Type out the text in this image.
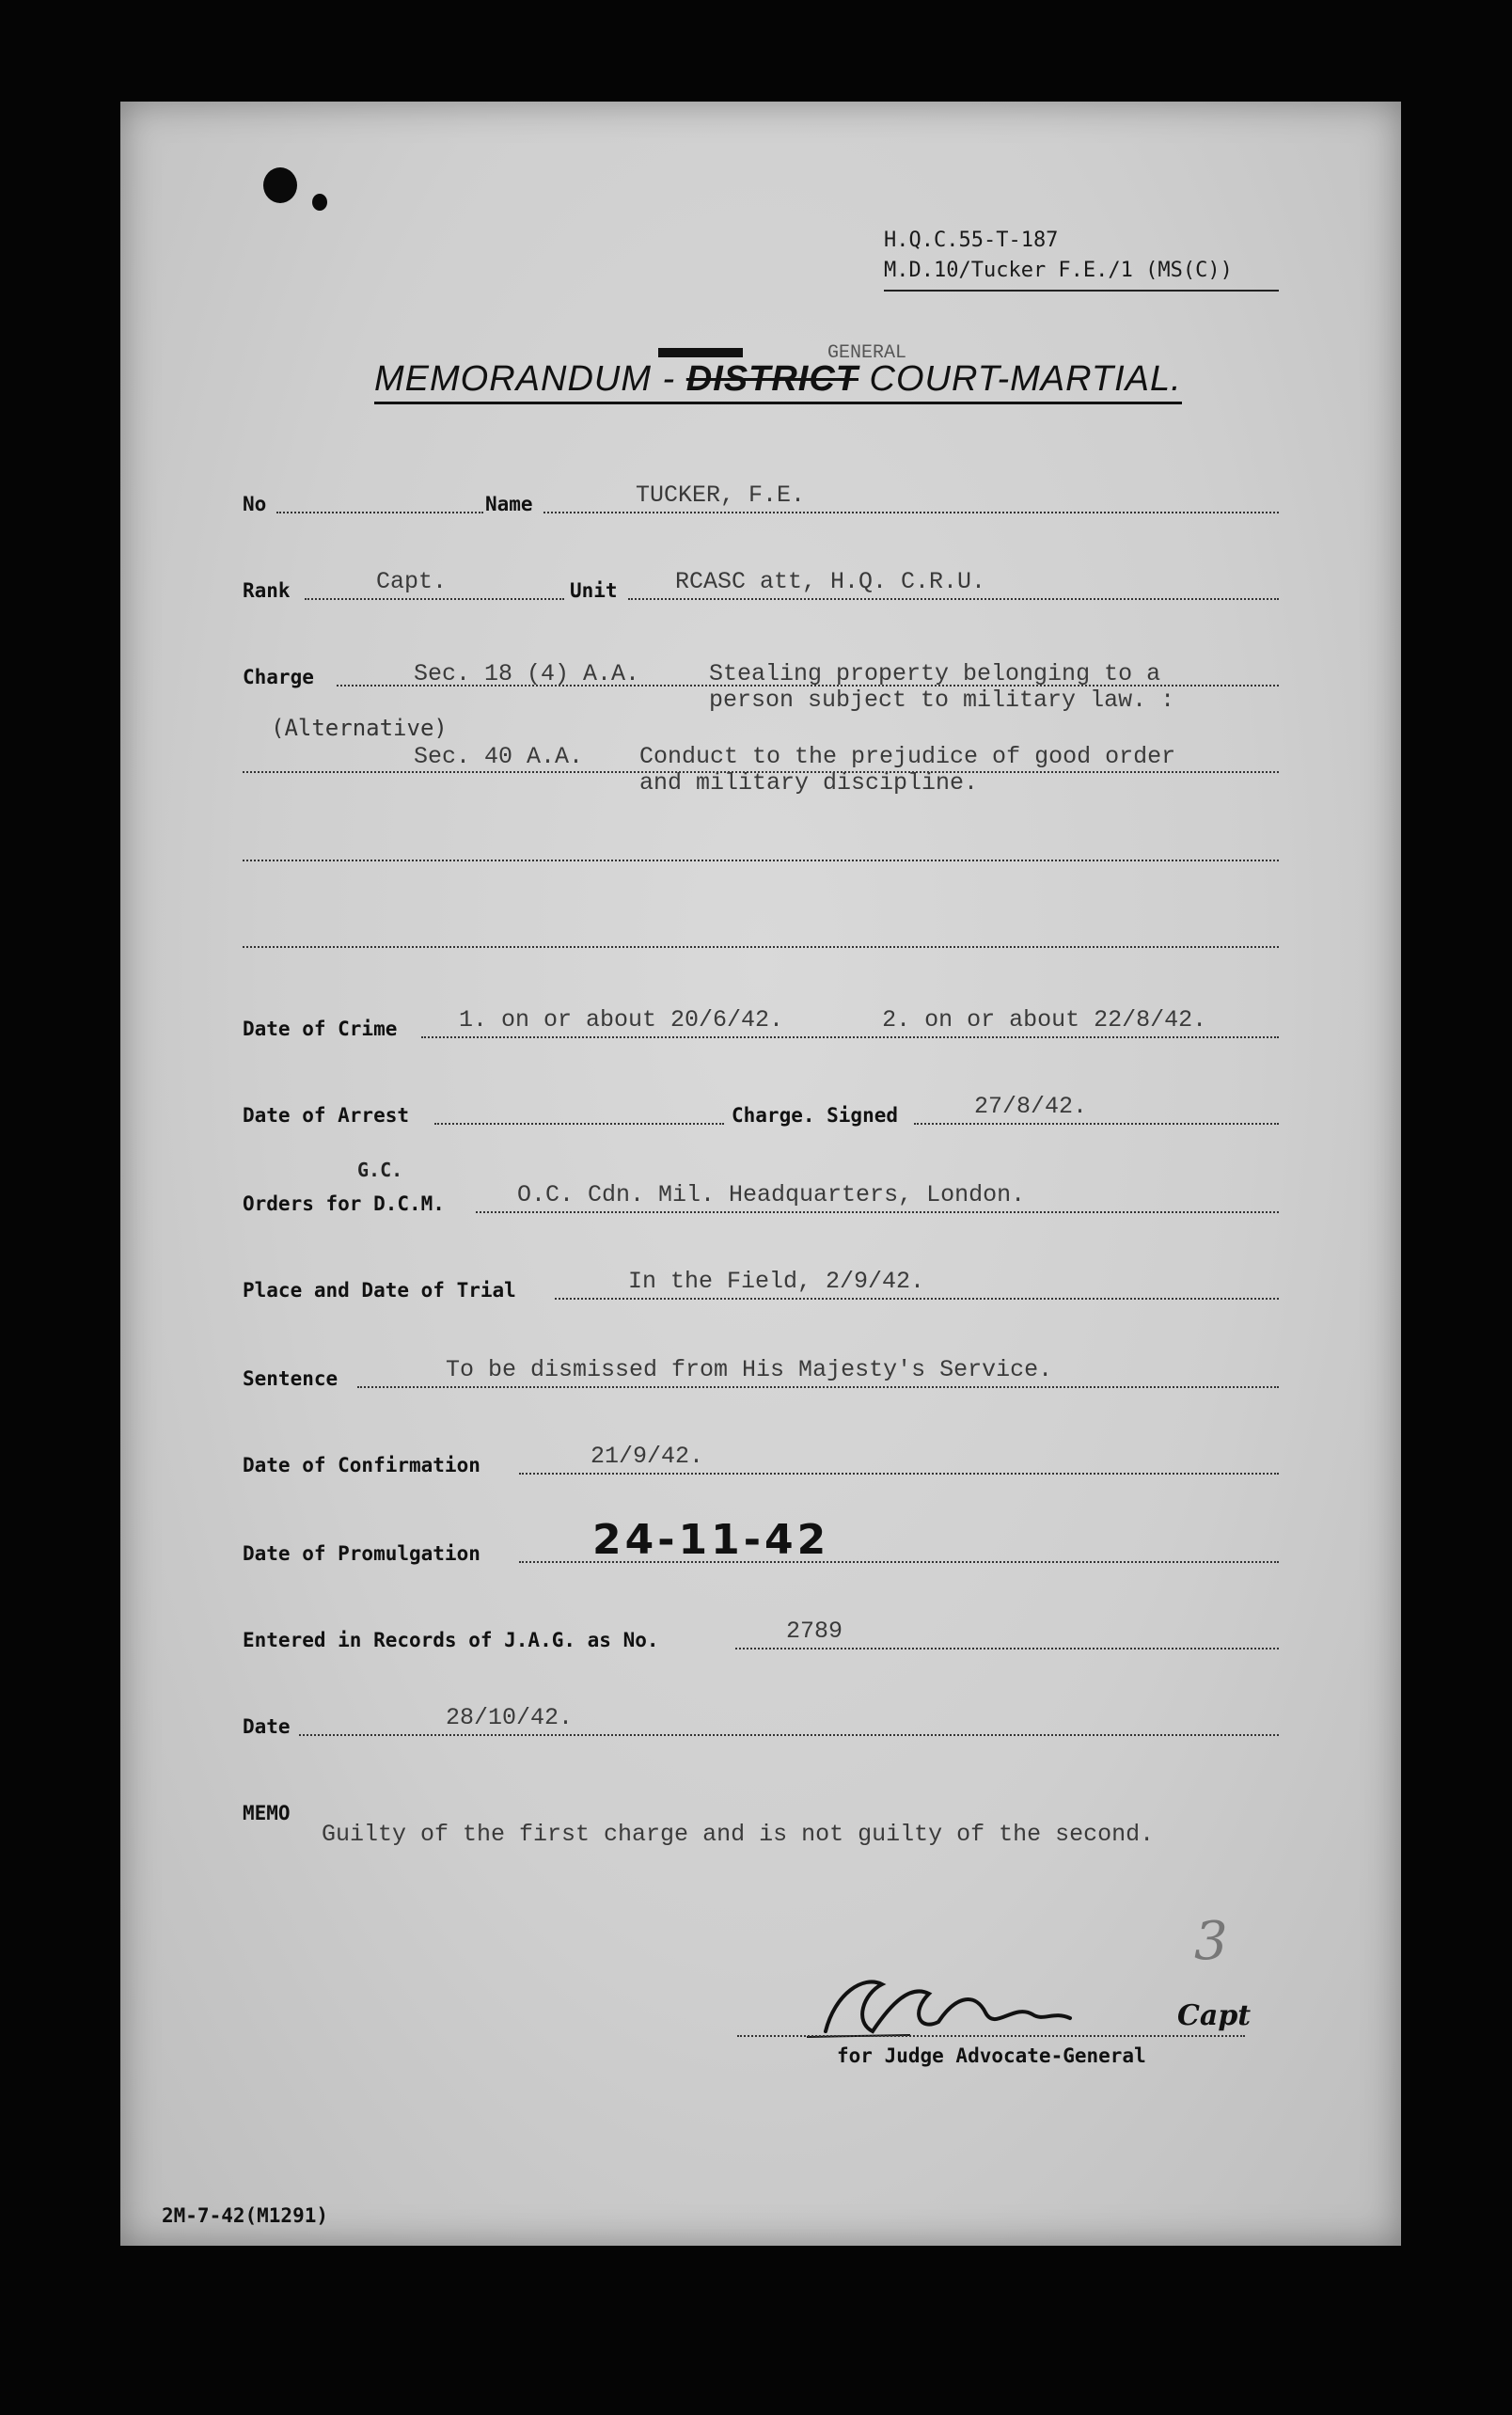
H.Q.C.55-T-187
M.D.10/Tucker F.E./1 (MS(C))
GENERAL
MEMORANDUM - DISTRICT COURT-MARTIAL.
No	Name	TUCKER, F.E.
Rank	Capt.	Unit RCASC att, H.Q. C.R.U.
Charge	Sec. 18 (4) A.A.	Stealing property belonging to a
person subject to military law. :
(Alternative)
Sec. 40 A.A. Conduct to the prejudice of good order
and military discipline.
Date of Crime	1. on or about 20/6/42.       2. on or about 22/8/42.
Date of Arrest	Charge. Signed	27/8/42.
G.C.
Orders for D.C.M.	O.C. Cdn. Mil. Headquarters, London.
Place and Date of Trial	In the Field, 2/9/42.
Sentence	To be dismissed from His Majesty's Service.
Date of Confirmation	21/9/42.
Date of Promulgation	24-11-42
Entered in Records of J.A.G. as No.	2789
Date	28/10/42.
MEMO
Guilty of the first charge and is not guilty of the second.
3
Capt
for Judge Advocate-General
2M-7-42(M1291)
